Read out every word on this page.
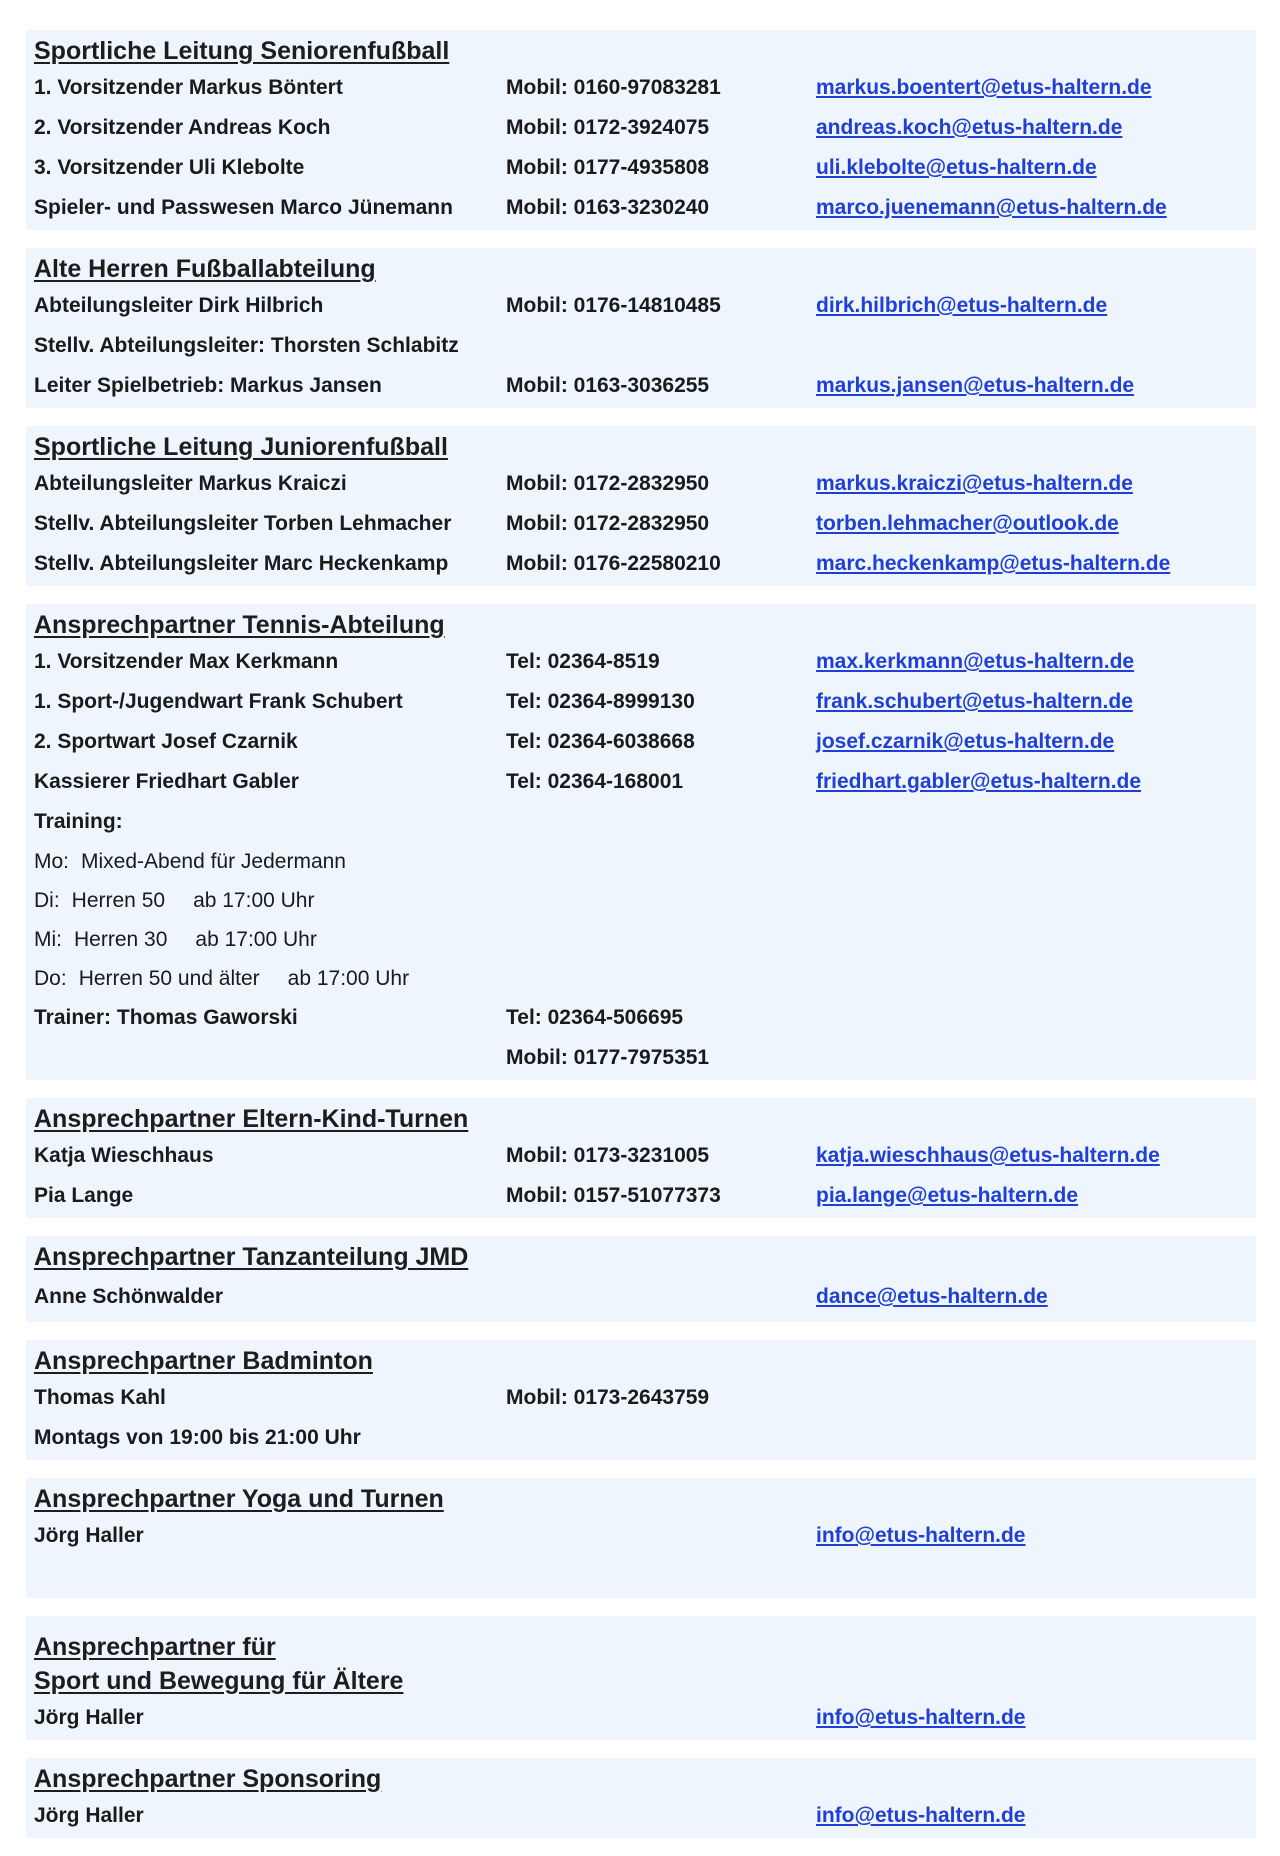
Sportliche Leitung Seniorenfußball
1. Vorsitzender Markus Böntert	Mobil: 0160-97083281	markus.boentert@etus-haltern.de
2. Vorsitzender Andreas Koch	Mobil: 0172-3924075	andreas.koch@etus-haltern.de
3. Vorsitzender Uli Klebolte	Mobil: 0177-4935808	uli.klebolte@etus-haltern.de
Spieler- und Passwesen Marco Jünemann	Mobil: 0163-3230240	marco.juenemann@etus-haltern.de
Alte Herren Fußballabteilung
Abteilungsleiter Dirk Hilbrich	Mobil: 0176-14810485	dirk.hilbrich@etus-haltern.de
Stellv. Abteilungsleiter: Thorsten Schlabitz
Leiter Spielbetrieb: Markus Jansen	Mobil: 0163-3036255	markus.jansen@etus-haltern.de
Sportliche Leitung Juniorenfußball
Abteilungsleiter Markus Kraiczi	Mobil: 0172-2832950	markus.kraiczi@etus-haltern.de
Stellv. Abteilungsleiter Torben Lehmacher	Mobil: 0172-2832950	torben.lehmacher@outlook.de
Stellv. Abteilungsleiter Marc Heckenkamp	Mobil: 0176-22580210	marc.heckenkamp@etus-haltern.de
Ansprechpartner Tennis-Abteilung
1. Vorsitzender Max Kerkmann	Tel: 02364-8519	max.kerkmann@etus-haltern.de
1. Sport-/Jugendwart Frank Schubert	Tel: 02364-8999130	frank.schubert@etus-haltern.de
2. Sportwart Josef Czarnik	Tel: 02364-6038668	josef.czarnik@etus-haltern.de
Kassierer Friedhart Gabler	Tel: 02364-168001	friedhart.gabler@etus-haltern.de
Training:
Mo: Mixed-Abend für Jedermann
Di: Herren 50 ab 17:00 Uhr
Mi: Herren 30 ab 17:00 Uhr
Do: Herren 50 und älter ab 17:00 Uhr
Trainer: Thomas Gaworski	Tel: 02364-506695
Mobil: 0177-7975351
Ansprechpartner Eltern-Kind-Turnen
Katja Wieschhaus	Mobil: 0173-3231005	katja.wieschhaus@etus-haltern.de
Pia Lange	Mobil: 0157-51077373	pia.lange@etus-haltern.de
Ansprechpartner Tanzanteilung JMD
Anne Schönwalder	dance@etus-haltern.de
Ansprechpartner Badminton
Thomas Kahl	Mobil: 0173-2643759
Montags von 19:00 bis 21:00 Uhr
Ansprechpartner Yoga und Turnen
Jörg Haller	info@etus-haltern.de
Ansprechpartner für
Sport und Bewegung für Ältere
Jörg Haller	info@etus-haltern.de
Ansprechpartner Sponsoring
Jörg Haller	info@etus-haltern.de
